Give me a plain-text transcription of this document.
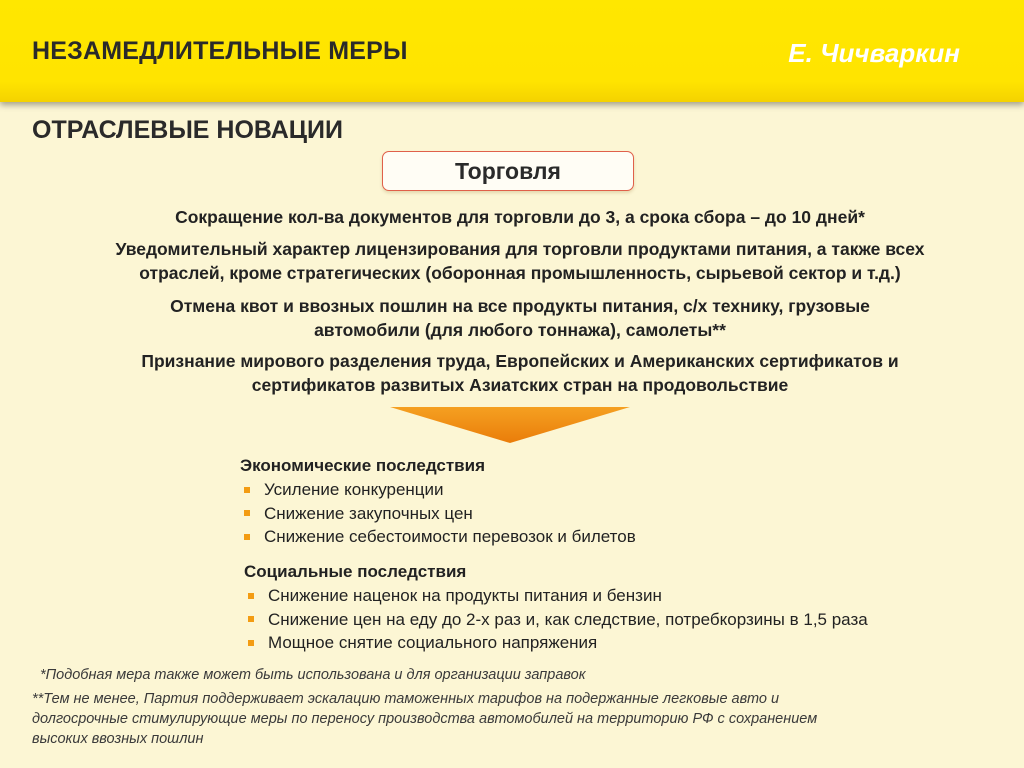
НЕЗАМЕДЛИТЕЛЬНЫЕ МЕРЫ	Е. Чичваркин
ОТРАСЛЕВЫЕ НОВАЦИИ
Торговля
Сокращение кол-ва документов для торговли до 3, а срока сбора – до 10 дней*
Уведомительный характер лицензирования для торговли продуктами питания, а также всех
отраслей, кроме стратегических (оборонная промышленность, сырьевой сектор и т.д.)
Отмена квот и ввозных пошлин на все продукты питания, с/х технику, грузовые
автомобили (для любого тоннажа), самолеты**
Признание мирового разделения труда, Европейских и Американских сертификатов и
сертификатов развитых Азиатских стран на продовольствие
Экономические последствия
Усиление конкуренции
Снижение закупочных цен
Снижение себестоимости перевозок и билетов
Социальные последствия
Снижение наценок на продукты питания и бензин
Снижение цен на еду до 2-х раз и, как следствие, потребкорзины в 1,5 раза
Мощное снятие социального напряжения
*Подобная мера также может быть использована и для организации заправок
**Тем не менее, Партия поддерживает эскалацию таможенных тарифов на подержанные легковые авто и
долгосрочные стимулирующие меры по переносу производства автомобилей на территорию РФ с сохранением
высоких ввозных пошлин
